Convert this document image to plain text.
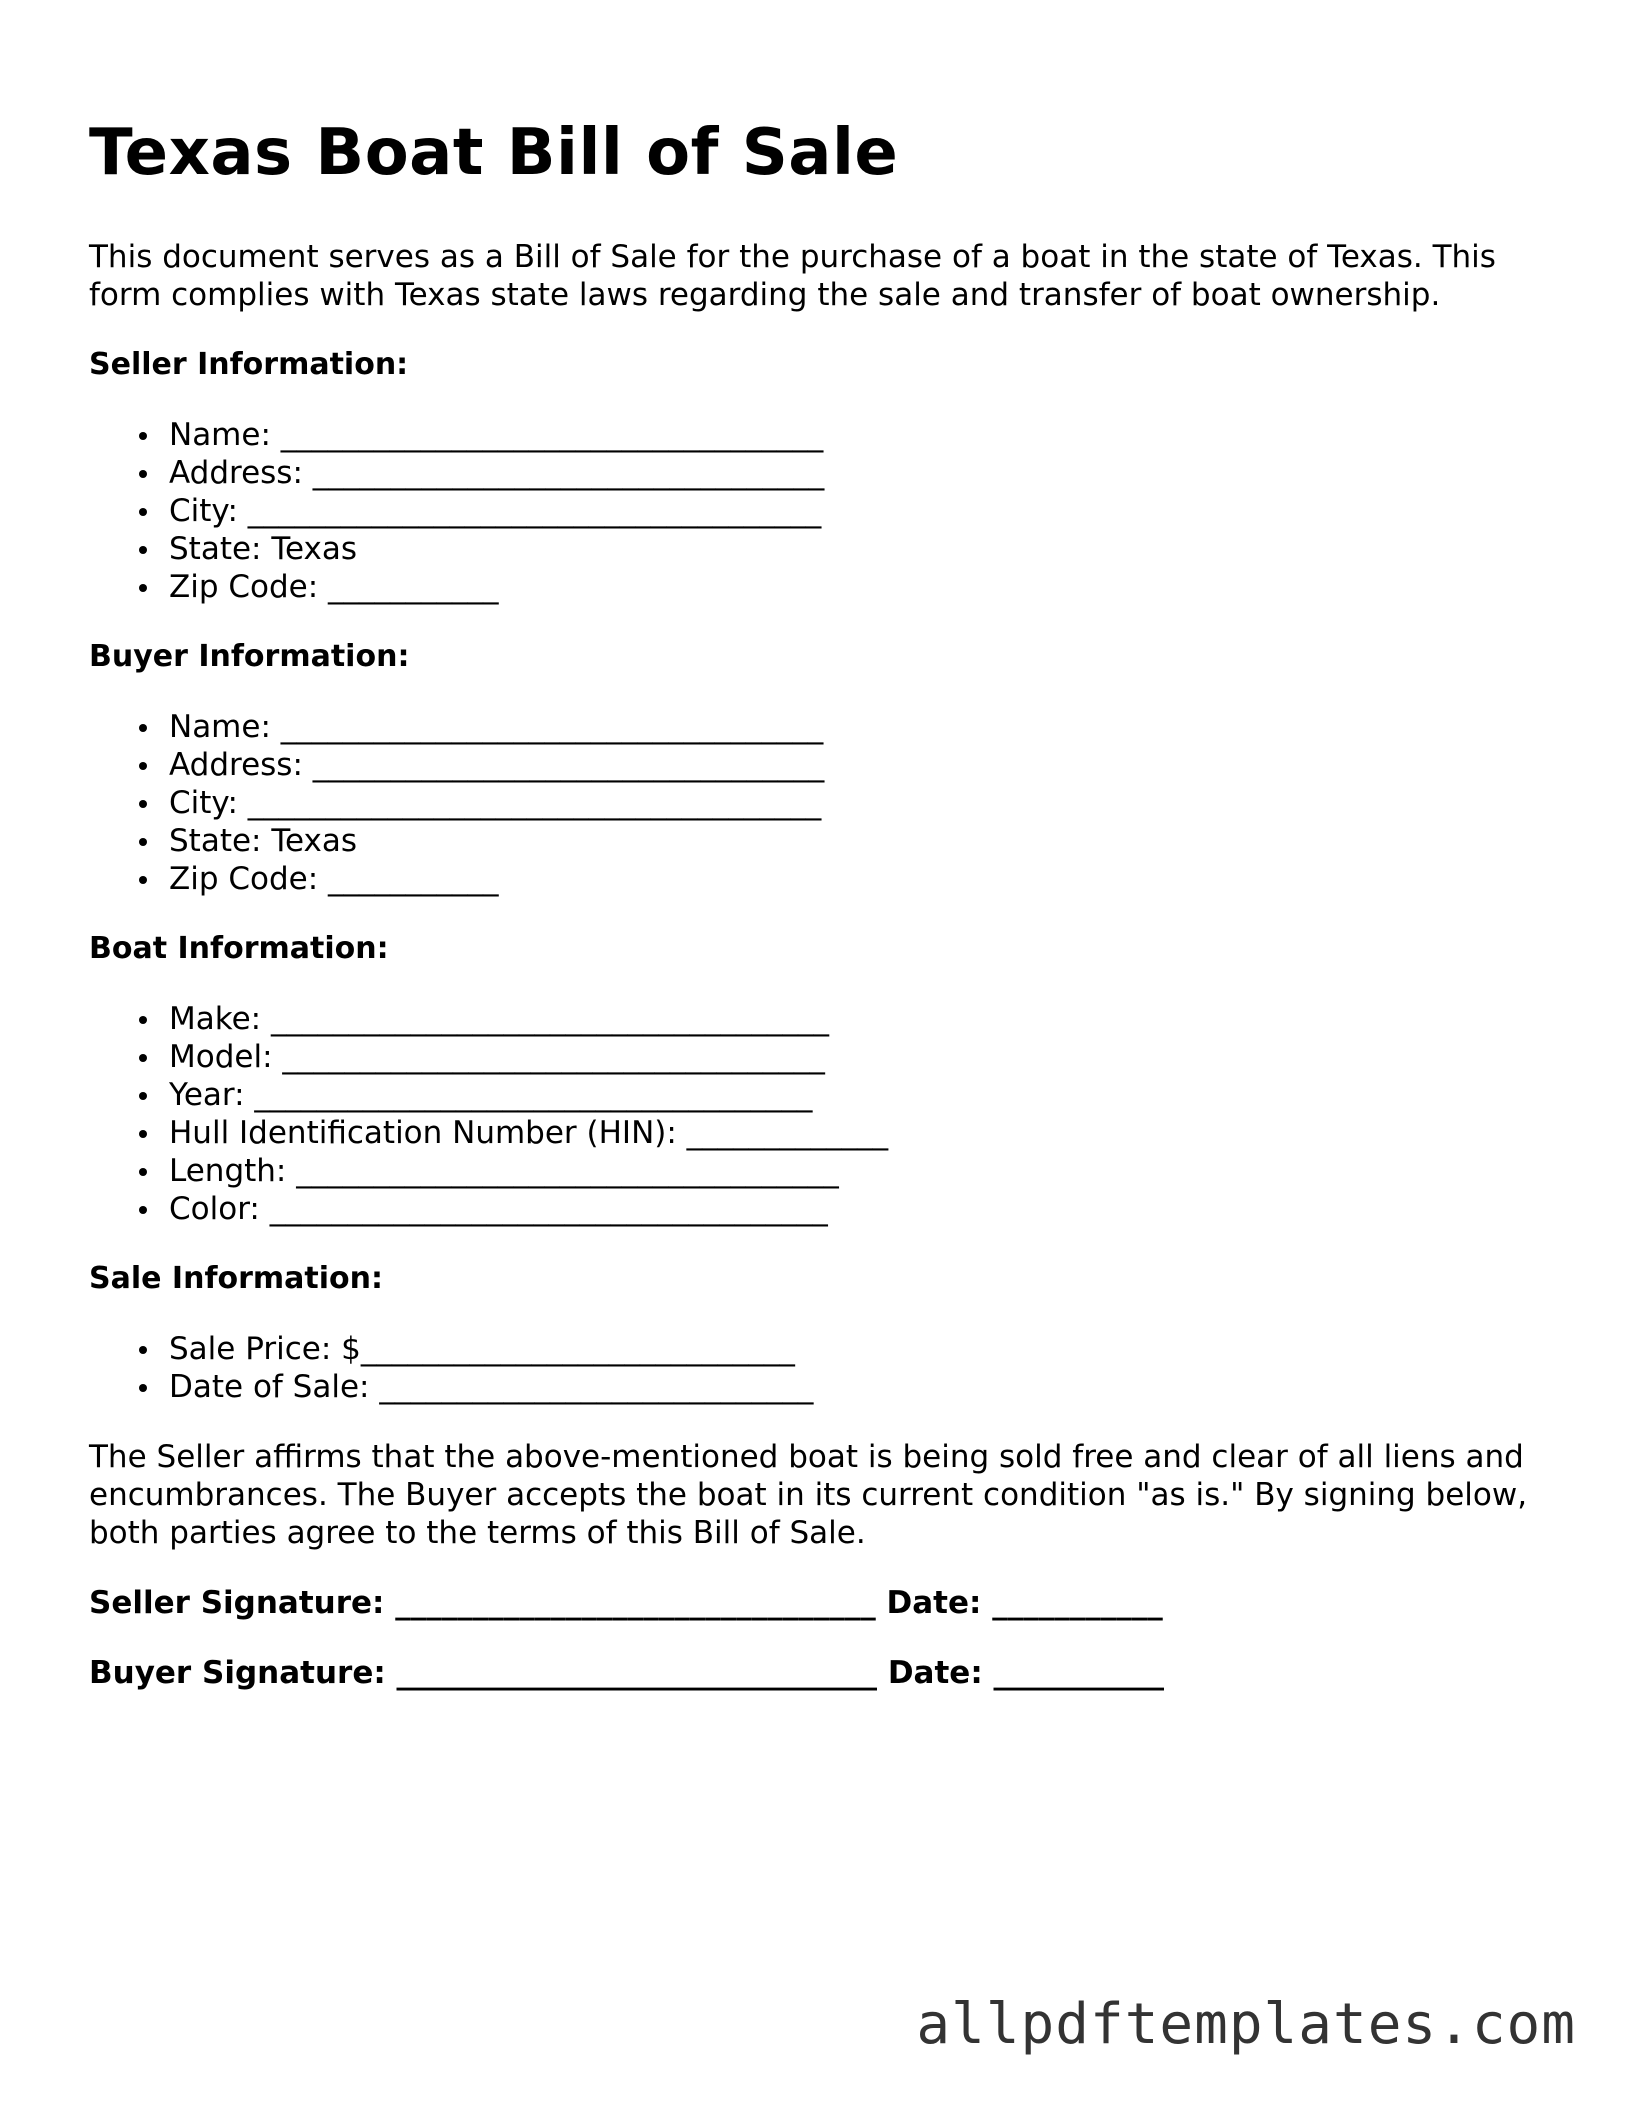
Texas Boat Bill of Sale

This document serves as a Bill of Sale for the purchase of a boat in the state of Texas. This form complies with Texas state laws regarding the sale and transfer of boat ownership.

Seller Information:
Name: ___________________________________
Address: _________________________________
City: _____________________________________
State: Texas
Zip Code: ___________
Buyer Information:
Name: ___________________________________
Address: _________________________________
City: _____________________________________
State: Texas
Zip Code: ___________
Boat Information:
Make: ____________________________________
Model: ___________________________________
Year: ____________________________________
Hull Identification Number (HIN): _____________
Length: ___________________________________
Color: ____________________________________
Sale Information:
Sale Price: $____________________________
Date of Sale: ____________________________

The Seller affirms that the above-mentioned boat is being sold free and clear of all liens and encumbrances. The Buyer accepts the boat in its current condition "as is." By signing below, both parties agree to the terms of this Bill of Sale.

Seller Signature: _______________________________ Date: ___________
Buyer Signature: _______________________________ Date: ___________
allpdftemplates.com
